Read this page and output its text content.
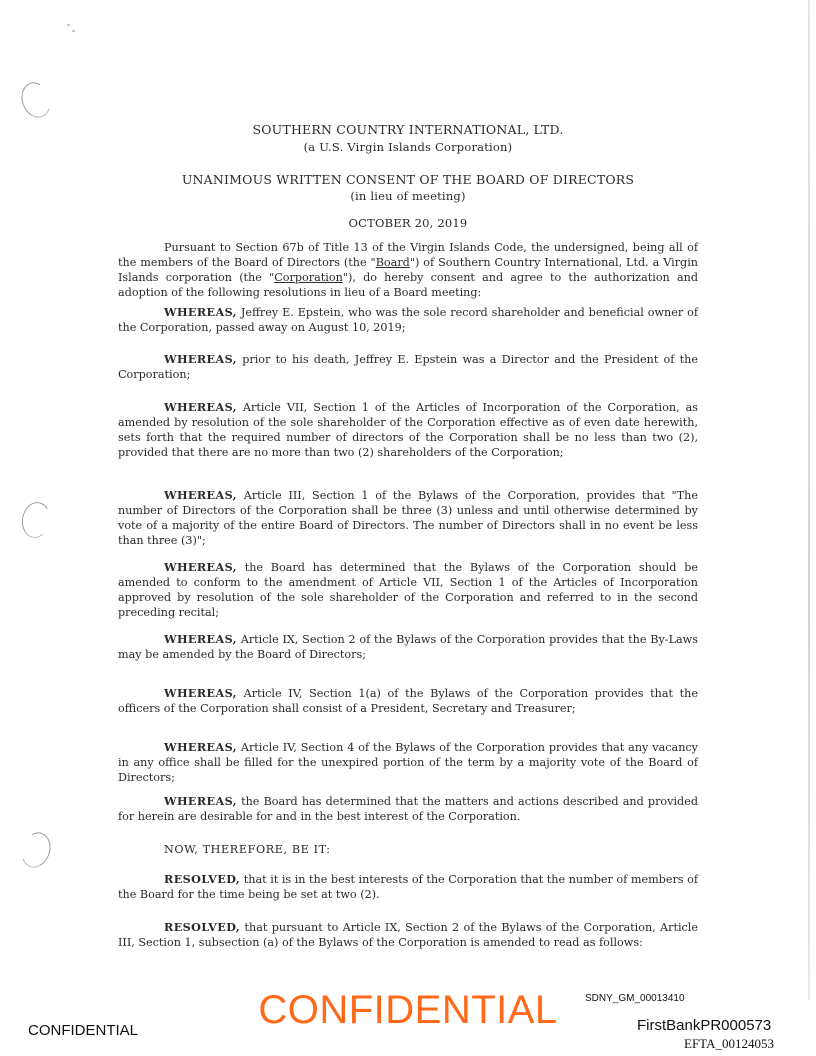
SOUTHERN COUNTRY INTERNATIONAL, LTD.
(a U.S. Virgin Islands Corporation)
UNANIMOUS WRITTEN CONSENT OF THE BOARD OF DIRECTORS
(in lieu of meeting)
OCTOBER 20, 2019

Pursuant to Section 67b of Title 13 of the Virgin Islands Code, the undersigned, being all of the members of the Board of Directors (the "Board") of Southern Country International, Ltd. a Virgin Islands corporation (the "Corporation"), do hereby consent and agree to the authorization and adoption of the following resolutions in lieu of a Board meeting:

WHEREAS, Jeffrey E. Epstein, who was the sole record shareholder and beneficial owner of the Corporation, passed away on August 10, 2019;

WHEREAS, prior to his death, Jeffrey E. Epstein was a Director and the President of the Corporation;

WHEREAS, Article VII, Section 1 of the Articles of Incorporation of the Corporation, as amended by resolution of the sole shareholder of the Corporation effective as of even date herewith, sets forth that the required number of directors of the Corporation shall be no less than two (2), provided that there are no more than two (2) shareholders of the Corporation;

WHEREAS, Article III, Section 1 of the Bylaws of the Corporation, provides that "The number of Directors of the Corporation shall be three (3) unless and until otherwise determined by vote of a majority of the entire Board of Directors. The number of Directors shall in no event be less than three (3)";

WHEREAS, the Board has determined that the Bylaws of the Corporation should be amended to conform to the amendment of Article VII, Section 1 of the Articles of Incorporation approved by resolution of the sole shareholder of the Corporation and referred to in the second preceding recital;

WHEREAS, Article IX, Section 2 of the Bylaws of the Corporation provides that the By-Laws may be amended by the Board of Directors;

WHEREAS, Article IV, Section 1(a) of the Bylaws of the Corporation provides that the officers of the Corporation shall consist of a President, Secretary and Treasurer;

WHEREAS, Article IV, Section 4 of the Bylaws of the Corporation provides that any vacancy in any office shall be filled for the unexpired portion of the term by a majority vote of the Board of Directors;

WHEREAS, the Board has determined that the matters and actions described and provided for herein are desirable for and in the best interest of the Corporation.

NOW, THEREFORE, BE IT:

RESOLVED, that it is in the best interests of the Corporation that the number of members of the Board for the time being be set at two (2).

RESOLVED, that pursuant to Article IX, Section 2 of the Bylaws of the Corporation, Article III, Section 1, subsection (a) of the Bylaws of the Corporation is amended to read as follows:

CONFIDENTIAL
CONFIDENTIAL
SDNY_GM_00013410
FirstBankPR000573
EFTA_00124053
